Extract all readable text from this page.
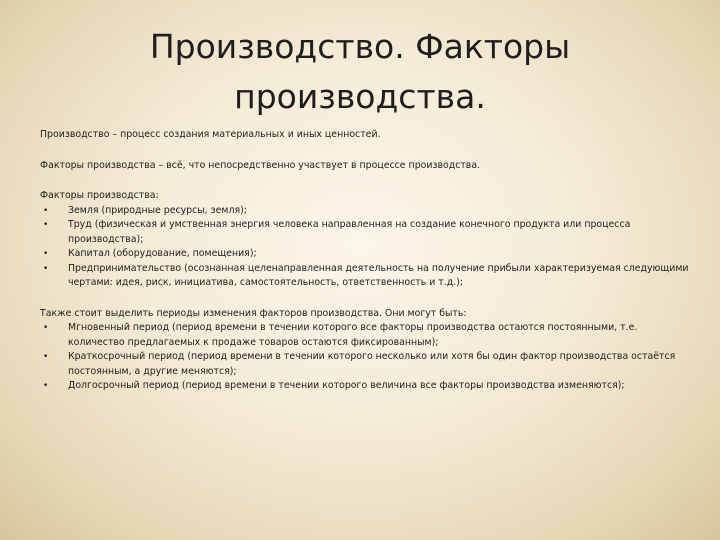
Производство. Факторы
производства.

Производство – процесс создания материальных и иных ценностей.

Факторы производства – всё, что непосредственно участвует в процессе производства.

Факторы производства:

• Земля (природные ресурсы, земля);
• Труд (физическая и умственная энергия человека направленная на создание конечного продукта или процесса производства);
• Капитал (оборудование, помещения);
• Предпринимательство (осознанная целенаправленная деятельность на получение прибыли характеризуемая следующими чертами: идея, риск, инициатива, самостоятельность, ответственность и т.д.);

Также стоит выделить периоды изменения факторов производства. Они могут быть:

• Мгновенный период (период времени в течении которого все факторы производства остаются постоянными, т.е. количество предлагаемых к продаже товаров остаются фиксированным);
• Краткосрочный период (период времени в течении которого несколько или хотя бы один фактор производства остаётся постоянным, а другие меняются);
• Долгосрочный период (период времени в течении которого величина все факторы производства изменяются);
